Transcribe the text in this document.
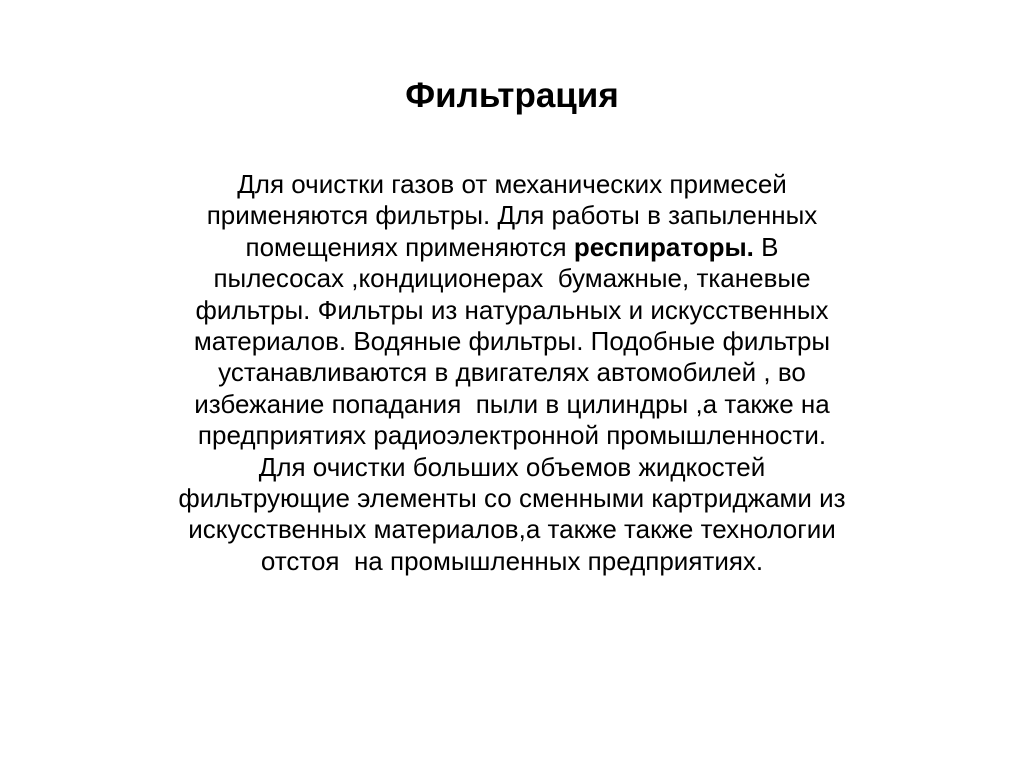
Фильтрация
Для очистки газов от механических примесей
применяются фильтры. Для работы в запыленных
помещениях применяются респираторы. В
пылесосах ,кондиционерах  бумажные, тканевые
фильтры. Фильтры из натуральных и искусственных
материалов. Водяные фильтры. Подобные фильтры
устанавливаются в двигателях автомобилей , во
избежание попадания  пыли в цилиндры ,а также на
предприятиях радиоэлектронной промышленности.
Для очистки больших объемов жидкостей
фильтрующие элементы со сменными картриджами из
искусственных материалов,а также также технологии
отстоя  на промышленных предприятиях.
